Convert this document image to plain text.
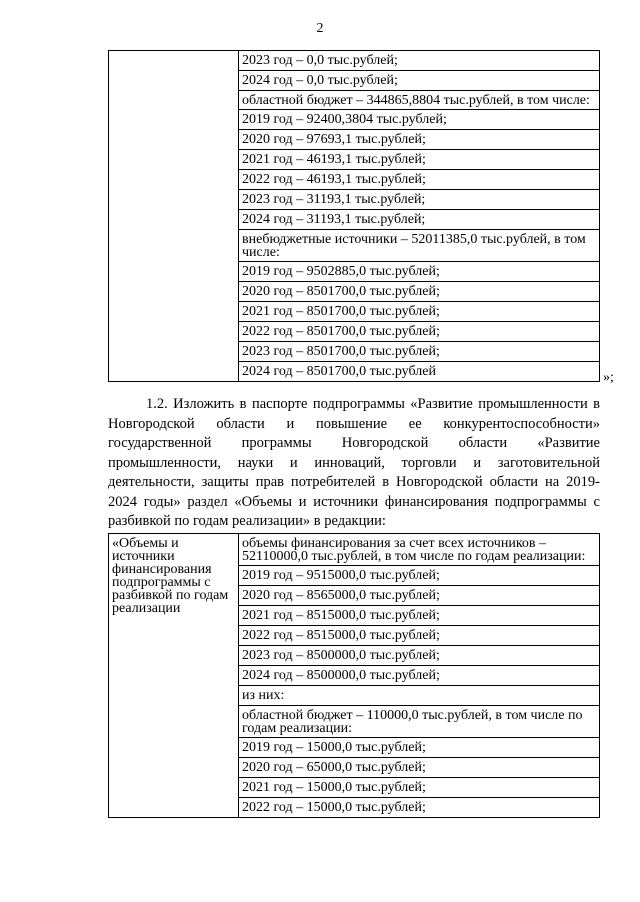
2

2023 год – 0,0 тыс.рублей;
2024 год – 0,0 тыс.рублей;
областной бюджет – 344865,8804 тыс.рублей, в том числе:
2019 год – 92400,3804 тыс.рублей;
2020 год – 97693,1 тыс.рублей;
2021 год – 46193,1 тыс.рублей;
2022 год – 46193,1 тыс.рублей;
2023 год – 31193,1 тыс.рублей;
2024 год – 31193,1 тыс.рублей;
внебюджетные источники – 52011385,0 тыс.рублей, в том числе:
2019 год – 9502885,0 тыс.рублей;
2020 год – 8501700,0 тыс.рублей;
2021 год – 8501700,0 тыс.рублей;
2022 год – 8501700,0 тыс.рублей;
2023 год – 8501700,0 тыс.рублей;
2024 год – 8501700,0 тыс.рублей	»;
1.2. Изложить в паспорте подпрограммы «Развитие промышленности в Новгородской области и повышение ее конкурентоспособности» государственной программы Новгородской области «Развитие промышленности, науки и инноваций, торговли и заготовительной деятельности, защиты прав потребителей в Новгородской области на 2019-2024 годы» раздел «Объемы и источники финансирования подпрограммы с разбивкой по годам реализации» в редакции:
«Объемы и источники финансирования подпрограммы с разбивкой по годам реализации

объемы финансирования за счет всех источников – 52110000,0 тыс.рублей, в том числе по годам реализации:
2019 год – 9515000,0 тыс.рублей;
2020 год – 8565000,0 тыс.рублей;
2021 год – 8515000,0 тыс.рублей;
2022 год – 8515000,0 тыс.рублей;
2023 год – 8500000,0 тыс.рублей;
2024 год – 8500000,0 тыс.рублей;
из них:
областной бюджет – 110000,0 тыс.рублей, в том числе по годам реализации:
2019 год – 15000,0 тыс.рублей;
2020 год – 65000,0 тыс.рублей;
2021 год – 15000,0 тыс.рублей;
2022 год – 15000,0 тыс.рублей;
